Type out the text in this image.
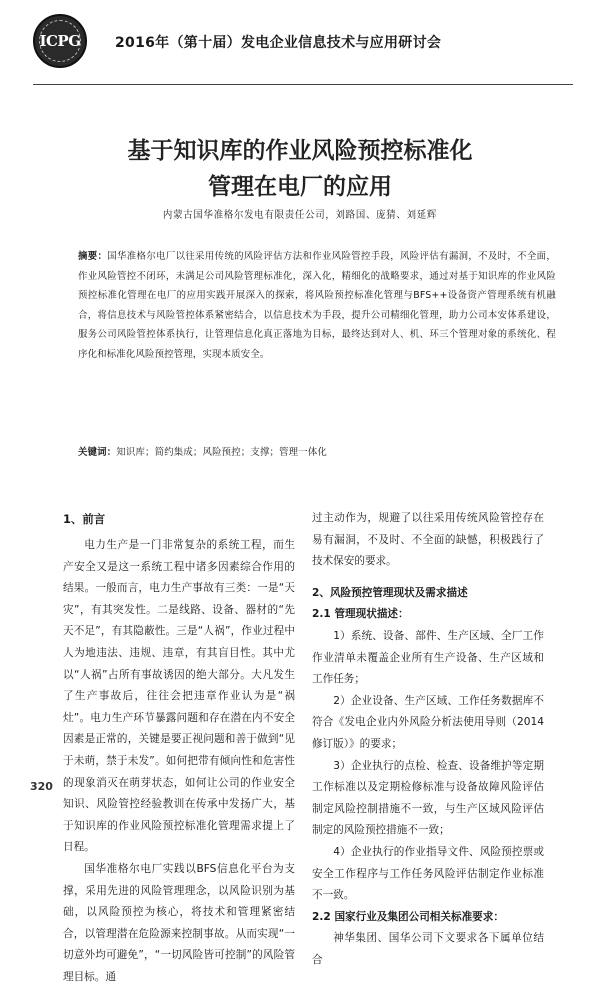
ICPG 2016年（第十届）发电企业信息技术与应用研讨会
基于知识库的作业风险预控标准化
管理在电厂的应用
内蒙古国华准格尔发电有限责任公司，刘路国、庞猜、刘延辉
摘要：国华准格尔电厂以往采用传统的风险评估方法和作业风险管控手段，风险评估有漏洞，不及时，不全面，作业风险管控不闭环，未满足公司风险管理标准化，深入化，精细化的战略要求，通过对基于知识库的作业风险预控标准化管理在电厂的应用实践开展深入的探索，将风险预控标准化管理与BFS++设备资产管理系统有机融合，将信息技术与风险管控体系紧密结合，以信息技术为手段，提升公司精细化管理，助力公司本安体系建设，服务公司风险管控体系执行，让管理信息化真正落地为目标，最终达到对人、机、环三个管理对象的系统化、程序化和标准化风险预控管理，实现本质安全。
关键词：知识库；简约集成；风险预控；支撑；管理一体化
1、前言

电力生产是一门非常复杂的系统工程，而生产安全又是这一系统工程中诸多因素综合作用的结果。一般而言，电力生产事故有三类：一是“天灾”，有其突发性。二是线路、设备、器材的“先天不足”，有其隐蔽性。三是“人祸”，作业过程中人为地违法、违规、违章，有其盲目性。其中尤以“人祸”占所有事故诱因的绝大部分。大凡发生了生产事故后，往往会把违章作业认为是“祸灶”。电力生产环节暴露问题和存在潜在内不安全因素是正常的，关键是要正视问题和善于做到“见于未萌，禁于未发”。如何把带有倾向性和危害性的现象消灭在萌芽状态，如何让公司的作业安全知识、风险管控经验教训在传承中发扬广大，基于知识库的作业风险预控标准化管理需求提上了日程。

国华准格尔电厂实践以BFS信息化平台为支撑，采用先进的风险管理理念，以风险识别为基础，以风险预控为核心，将技术和管理紧密结合，以管理潜在危险源来控制事故。从而实现“一切意外均可避免”，“一切风险皆可控制”的风险管理目标。通

过主动作为，规避了以往采用传统风险管控存在易有漏洞，不及时、不全面的缺憾，积极践行了技术保安的要求。

2、风险预控管理现状及需求描述
2.1 管理现状描述：

1）系统、设备、部件、生产区域、全厂工作作业清单未覆盖企业所有生产设备、生产区域和工作任务；

2）企业设备、生产区域、工作任务数据库不符合《发电企业内外风险分析法使用导则（2014修订版）》的要求；

3）企业执行的点检、检查、设备维护等定期工作标准以及定期检修标准与设备故障风险评估制定风险控制措施不一致，与生产区域风险评估制定的风险预控措施不一致；

4）企业执行的作业指导文件、风险预控票或安全工作程序与工作任务风险评估制定作业标准不一致。

2.2 国家行业及集团公司相关标准要求：

神华集团、国华公司下文要求各下属单位结合

320
